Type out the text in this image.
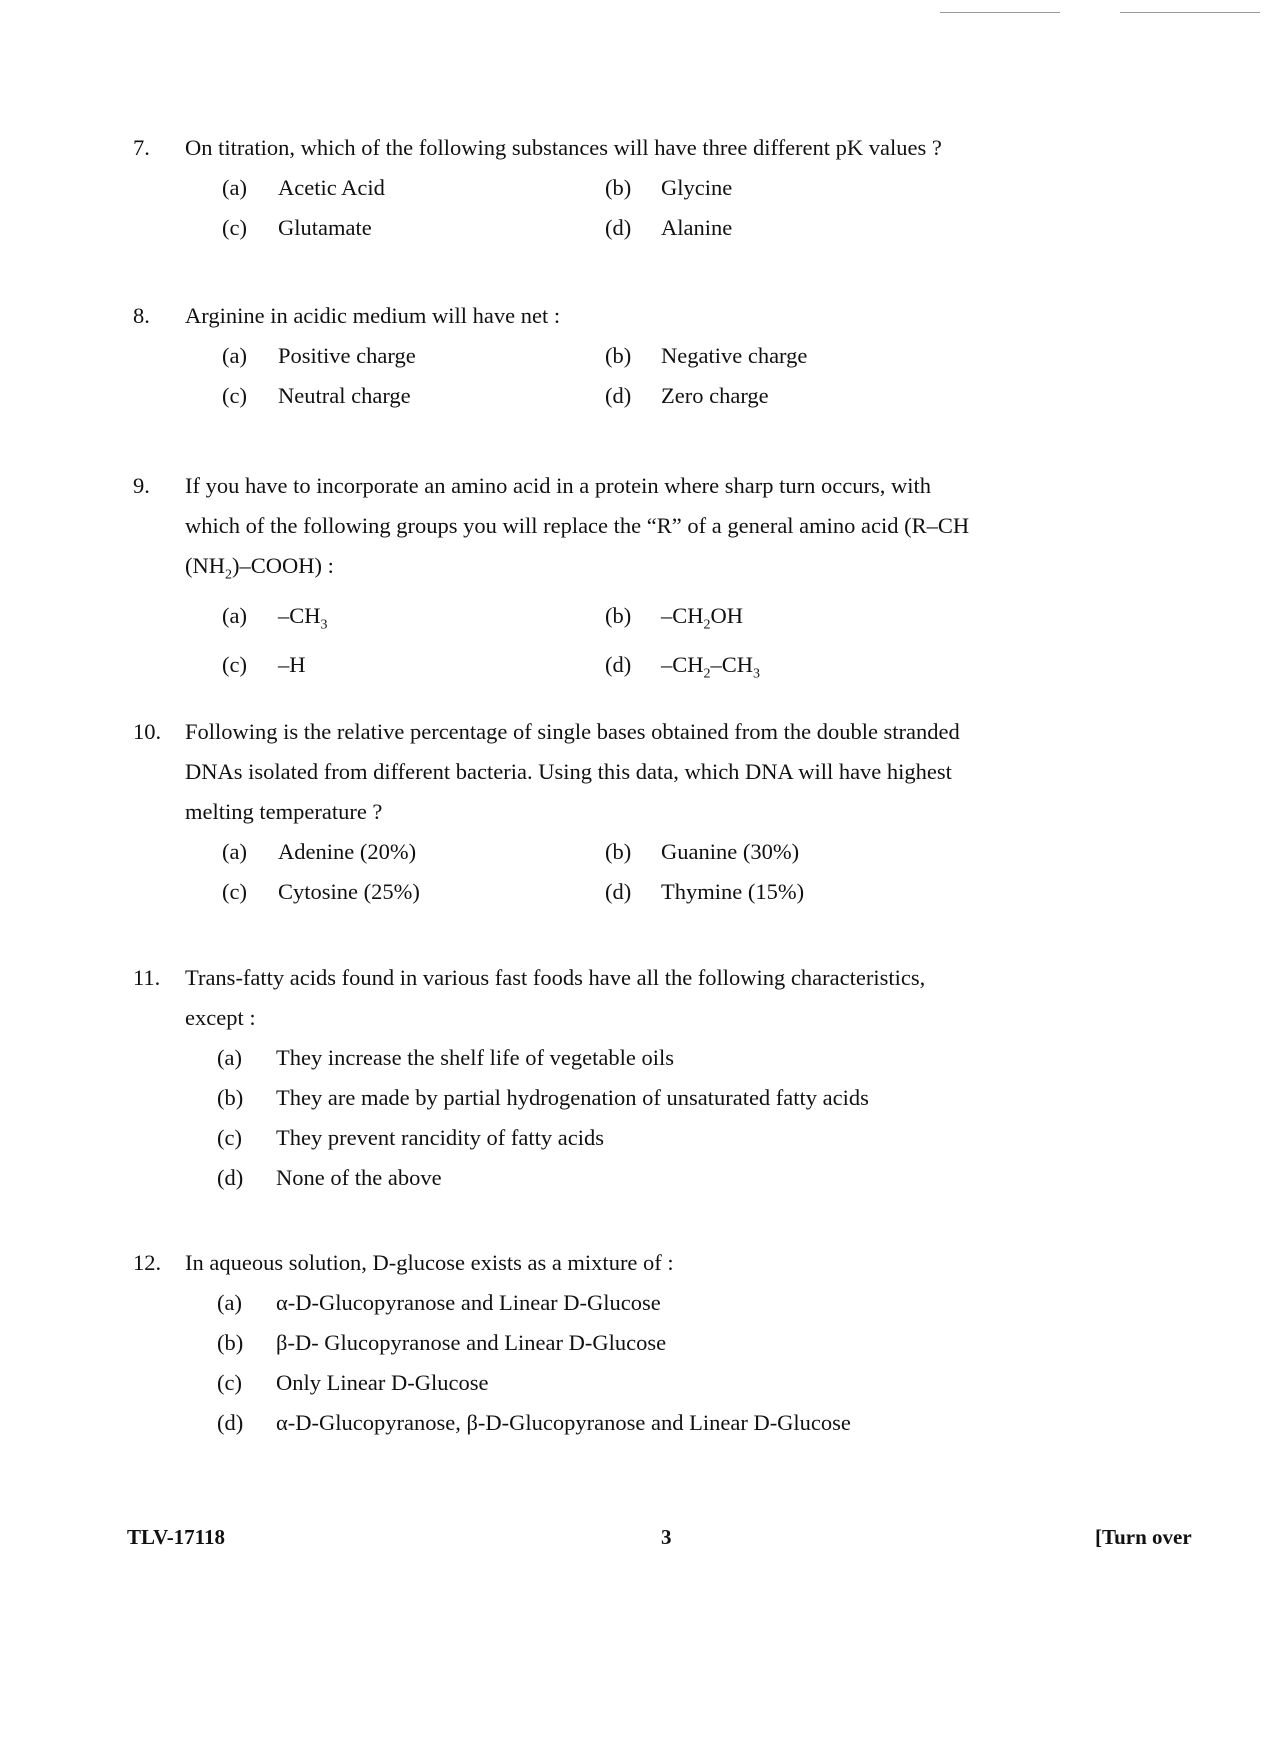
7.	On titration, which of the following substances will have three different pK values ?
(a)	Acetic Acid	(b)	Glycine
(c)	Glutamate	(d)	Alanine
8.	Arginine in acidic medium will have net :
(a)	Positive charge	(b)	Negative charge
(c)	Neutral charge	(d)	Zero charge
9.	If you have to incorporate an amino acid in a protein where sharp turn occurs, with which of the following groups you will replace the “R” of a general amino acid (R–CH $(NH_2)-COOH$) :
(a)	$-CH_3$	(b)	$-CH_2OH$
(c)	–H	(d)	$-CH_2-CH_3$
10.	Following is the relative percentage of single bases obtained from the double stranded DNAs isolated from different bacteria. Using this data, which DNA will have highest melting temperature ?
(a)	Adenine (20%)	(b)	Guanine (30%)
(c)	Cytosine (25%)	(d)	Thymine (15%)
11.	Trans-fatty acids found in various fast foods have all the following characteristics, except :
(a)	They increase the shelf life of vegetable oils
(b)	They are made by partial hydrogenation of unsaturated fatty acids
(c)	They prevent rancidity of fatty acids
(d)	None of the above
12.	In aqueous solution, D-glucose exists as a mixture of :
(a)	α-D-Glucopyranose and Linear D-Glucose
(b)	β-D- Glucopyranose and Linear D-Glucose
(c)	Only Linear D-Glucose
(d)	α-D-Glucopyranose, β-D-Glucopyranose and Linear D-Glucose
TLV-17118	3	[Turn over
